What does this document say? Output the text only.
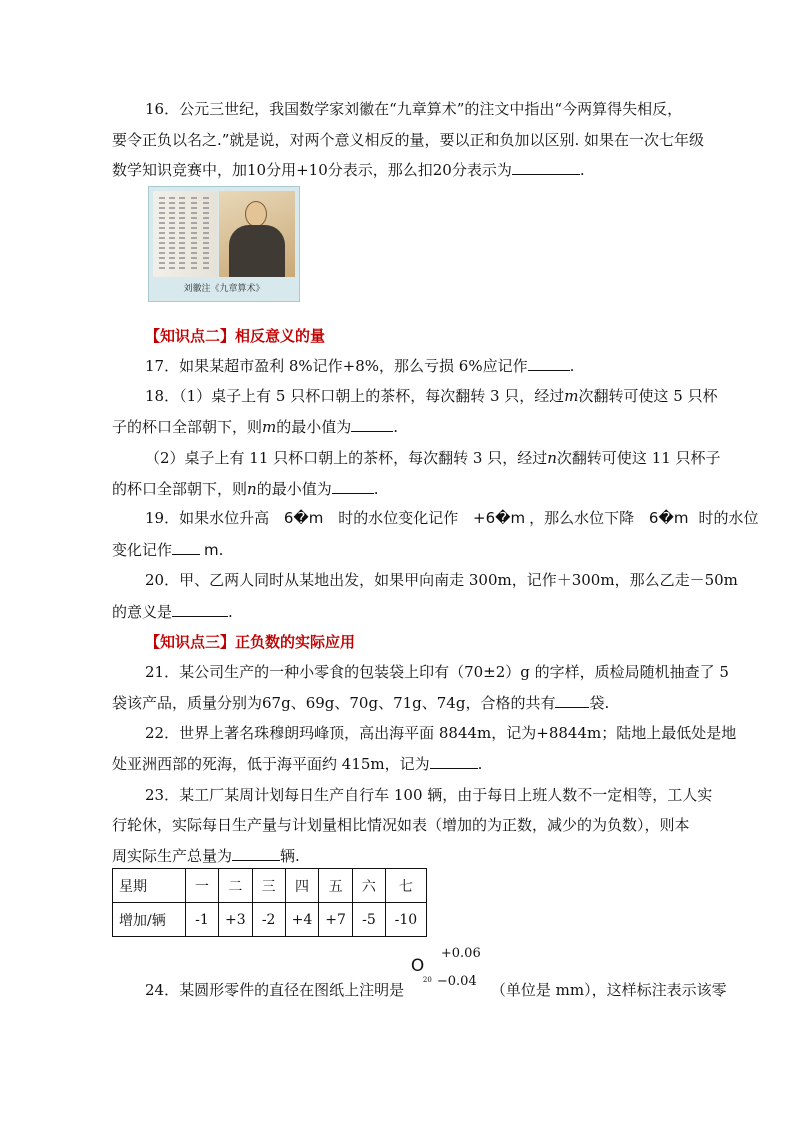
16．公元三世纪，我国数学家刘徽在“九章算术”的注文中指出“今两算得失相反，
要令正负以名之.”就是说，对两个意义相反的量，要以正和负加以区别. 如果在一次七年级
数学知识竞赛中，加10分用+10分表示，那么扣20分表示为	.
刘徽注《九章算术》
【知识点二】相反意义的量
17．如果某超市盈利 8%记作+8%，那么亏损 6%应记作	.
18．（1）桌子上有 5 只杯口朝上的茶杯，每次翻转 3 只，经过m次翻转可使这 5 只杯
子的杯口全部朝下，则m的最小值为	.
（2）桌子上有 11 只杯口朝上的茶杯，每次翻转 3 只，经过n次翻转可使这 11 只杯子
的杯口全部朝下，则n的最小值为	.
19．如果水位升高 6�m 时的水位变化记作 +6�m ，那么水位下降 6�m 时的水位
变化记作 m.
20．甲、乙两人同时从某地出发，如果甲向南走 300m，记作＋300m，那么乙走－50m
的意义是	.
【知识点三】正负数的实际应用
21．某公司生产的一种小零食的包装袋上印有（70±2）g 的字样，质检局随机抽查了 5
袋该产品，质量分别为67g、69g、70g、71g、74g，合格的共有 袋.
22．世界上著名珠穆朗玛峰顶，高出海平面 8844m，记为+8844m；陆地上最低处是地
处亚洲西部的死海，低于海平面约 415m，记为	.
23．某工厂某周计划每日生产自行车 100 辆，由于每日上班人数不一定相等，工人实
行轮休，实际每日生产量与计划量相比情况如表（增加的为正数，减少的为负数），则本
周实际生产总量为	辆.
星期	一	二	三	四	五	六	七
增加/辆	-1	+3	-2	+4	+7	-5	-10
24．某圆形零件的直径在图纸上注明是
O
20
+0.06
−0.04 （单位是 mm），这样标注表示该零
